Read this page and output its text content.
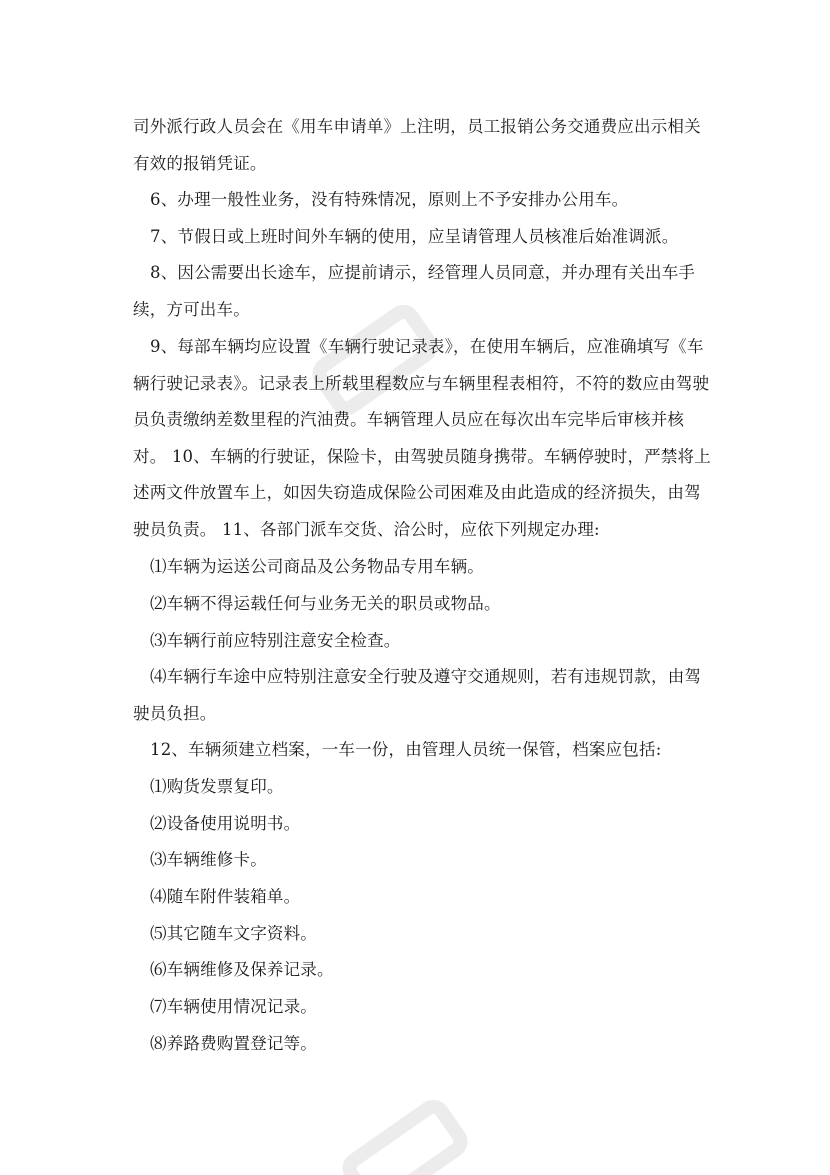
司外派行政人员会在《用车申请单》上注明，员工报销公务交通费应出示相关有效的报销凭证。

6、办理一般性业务，没有特殊情况，原则上不予安排办公用车。

7、节假日或上班时间外车辆的使用，应呈请管理人员核准后始准调派。

8、因公需要出长途车，应提前请示，经管理人员同意，并办理有关出车手续，方可出车。

9、每部车辆均应设置《车辆行驶记录表》，在使用车辆后，应准确填写《车辆行驶记录表》。记录表上所载里程数应与车辆里程表相符，不符的数应由驾驶员负责缴纳差数里程的汽油费。车辆管理人员应在每次出车完毕后审核并核对。 10、车辆的行驶证，保险卡，由驾驶员随身携带。车辆停驶时，严禁将上述两文件放置车上，如因失窃造成保险公司困难及由此造成的经济损失，由驾驶员负责。 11、各部门派车交货、洽公时，应依下列规定办理:

⑴车辆为运送公司商品及公务物品专用车辆。

⑵车辆不得运载任何与业务无关的职员或物品。

⑶车辆行前应特别注意安全检查。

⑷车辆行车途中应特别注意安全行驶及遵守交通规则，若有违规罚款，由驾驶员负担。

12、车辆须建立档案，一车一份，由管理人员统一保管，档案应包括:

⑴购货发票复印。

⑵设备使用说明书。

⑶车辆维修卡。

⑷随车附件装箱单。

⑸其它随车文字资料。

⑹车辆维修及保养记录。

⑺车辆使用情况记录。

⑻养路费购置登记等。
